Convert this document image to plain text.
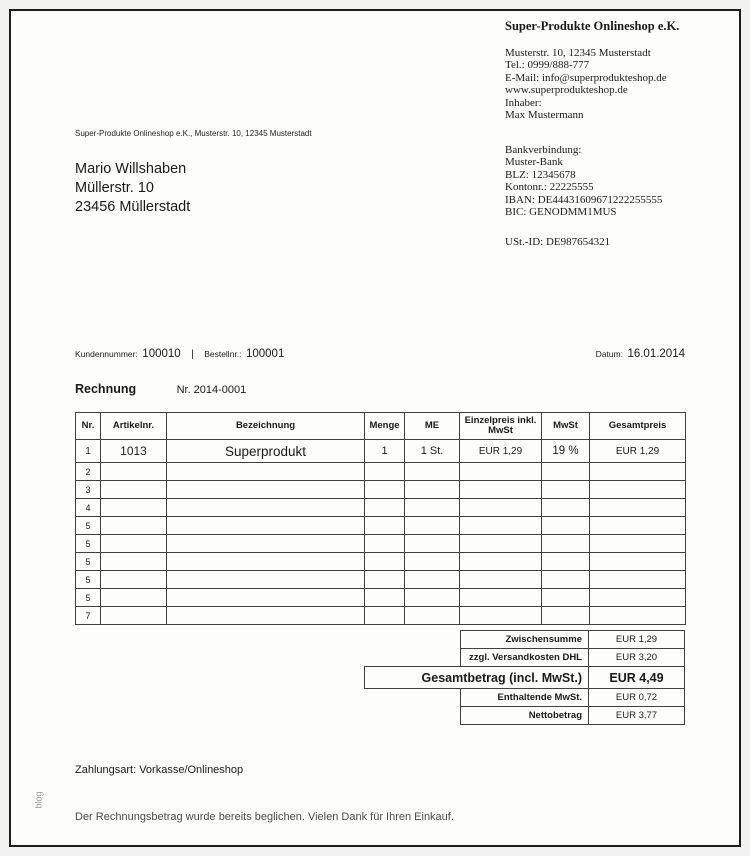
Super-Produkte Onlineshop e.K.
Musterstr. 10, 12345 Musterstadt
Tel.: 0999/888-777
E-Mail: info@superprodukteshop.de
www.superprodukteshop.de
Inhaber:
Max Mustermann
Bankverbindung:
Muster-Bank
BLZ: 12345678
Kontonr.: 22225555
IBAN: DE44431609671222255555
BIC: GENODMM1MUS
USt.-ID: DE987654321
Super-Produkte Onlineshop e.K., Musterstr. 10, 12345 Musterstadt
Mario Willshaben
Müllerstr. 10
23456 Müllerstadt
Kundennummer: 100010 | Bestellnr.: 100001	Datum: 16.01.2014
Rechnung	Nr. 2014-0001
Nr.	Artikelnr.	Bezeichnung	Menge	ME	Einzelpreis inkl. MwSt	MwSt	Gesamtpreis
1	1013	Superprodukt	1	1 St.	EUR 1,29	19 %	EUR 1,29
2							
3							
4							
5							
5							
5							
5							
5							
7							
Zwischensumme	EUR 1,29
zzgl. Versandkosten DHL	EUR 3,20
Gesamtbetrag (incl. MwSt.)	EUR 4,49
Enthaltende MwSt.	EUR 0,72
Nettobetrag	EUR 3,77
Zahlungsart: Vorkasse/Onlineshop
Der Rechnungsbetrag wurde bereits beglichen. Vielen Dank für Ihren Einkauf.
blog
